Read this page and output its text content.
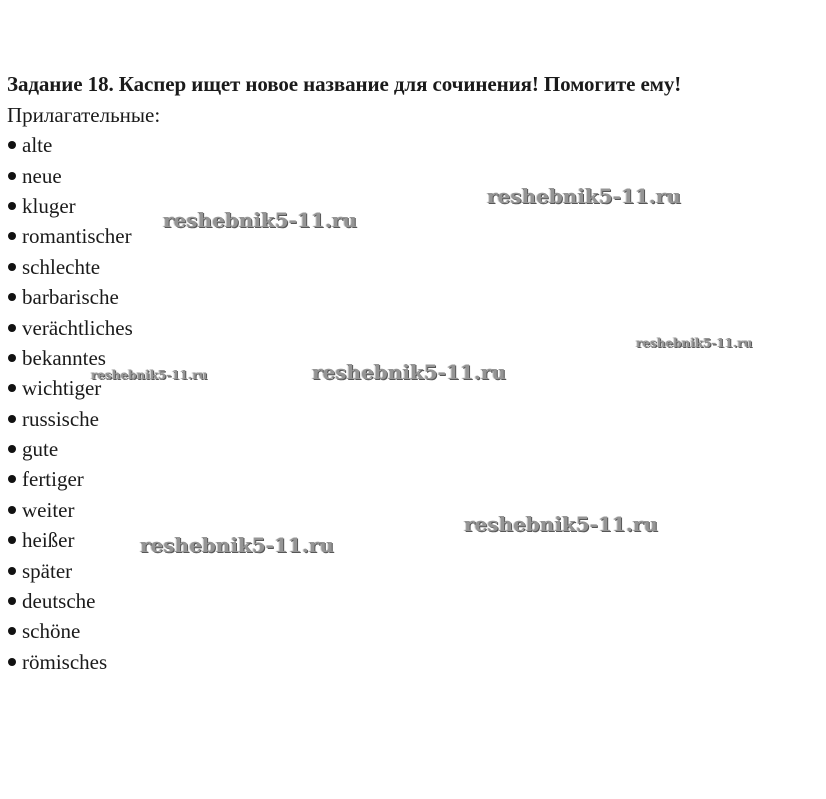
Задание 18. Каспер ищет новое название для сочинения! Помогите ему!
Прилагательные:
alte
neue
kluger
romantischer
schlechte
barbarische
verächtliches
bekanntes
wichtiger
russische
gute
fertiger
weiter
heißer
später
deutsche
schöne
römisches
reshebnik5-11.ru
reshebnik5-11.ru
reshebnik5-11.ru
reshebnik5-11.ru	reshebnik5-11.ru
reshebnik5-11.ru
reshebnik5-11.ru
